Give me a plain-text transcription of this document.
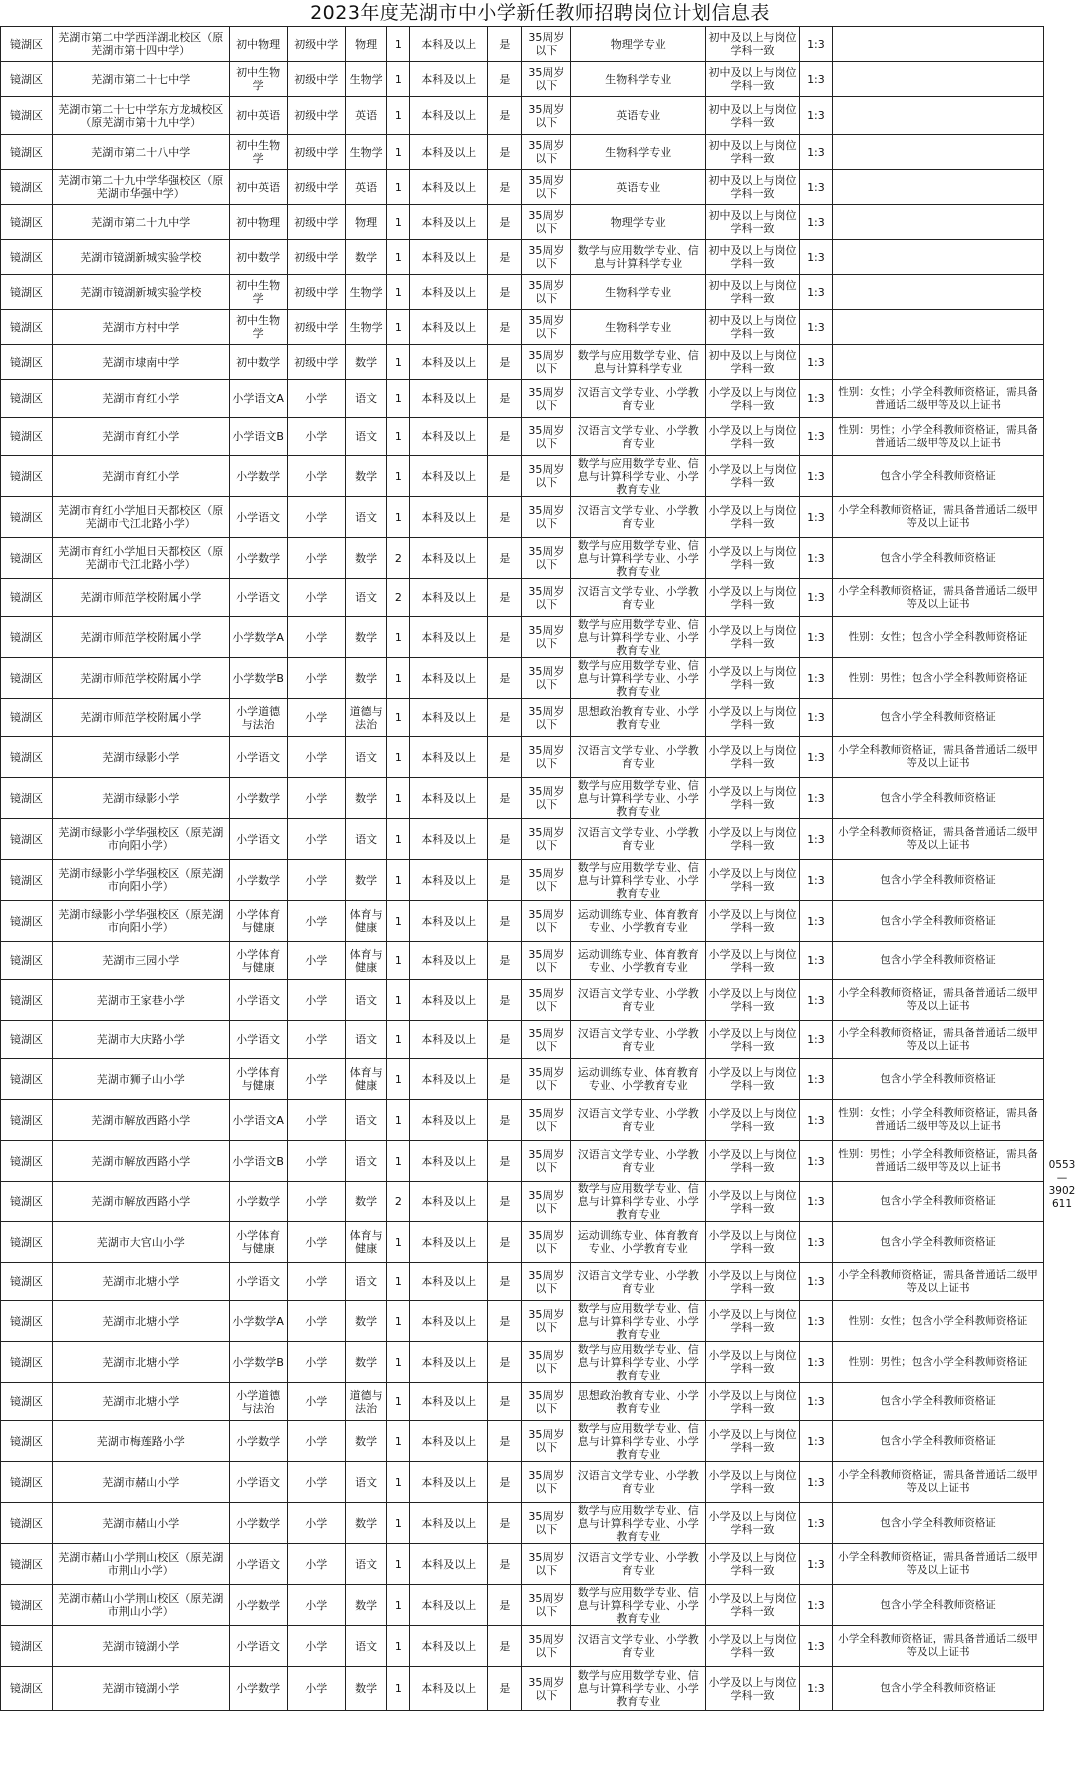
2023年度芜湖市中小学新任教师招聘岗位计划信息表
镜湖区	芜湖市第二中学西洋湖北校区（原芜湖市第十四中学）	初中物理	初级中学	物理	1	本科及以上	是	35周岁以下	物理学专业	初中及以上与岗位学科一致	1:3	
镜湖区	芜湖市第二十七中学	初中生物学	初级中学	生物学	1	本科及以上	是	35周岁以下	生物科学专业	初中及以上与岗位学科一致	1:3	
镜湖区	芜湖市第二十七中学东方龙城校区（原芜湖市第十九中学）	初中英语	初级中学	英语	1	本科及以上	是	35周岁以下	英语专业	初中及以上与岗位学科一致	1:3	
镜湖区	芜湖市第二十八中学	初中生物学	初级中学	生物学	1	本科及以上	是	35周岁以下	生物科学专业	初中及以上与岗位学科一致	1:3	
镜湖区	芜湖市第二十九中学华强校区（原芜湖市华强中学）	初中英语	初级中学	英语	1	本科及以上	是	35周岁以下	英语专业	初中及以上与岗位学科一致	1:3	
镜湖区	芜湖市第二十九中学	初中物理	初级中学	物理	1	本科及以上	是	35周岁以下	物理学专业	初中及以上与岗位学科一致	1:3	
镜湖区	芜湖市镜湖新城实验学校	初中数学	初级中学	数学	1	本科及以上	是	35周岁以下	数学与应用数学专业、信息与计算科学专业	初中及以上与岗位学科一致	1:3	
镜湖区	芜湖市镜湖新城实验学校	初中生物学	初级中学	生物学	1	本科及以上	是	35周岁以下	生物科学专业	初中及以上与岗位学科一致	1:3	
镜湖区	芜湖市方村中学	初中生物学	初级中学	生物学	1	本科及以上	是	35周岁以下	生物科学专业	初中及以上与岗位学科一致	1:3	
镜湖区	芜湖市埭南中学	初中数学	初级中学	数学	1	本科及以上	是	35周岁以下	数学与应用数学专业、信息与计算科学专业	初中及以上与岗位学科一致	1:3	
镜湖区	芜湖市育红小学	小学语文A	小学	语文	1	本科及以上	是	35周岁以下	汉语言文学专业、小学教育专业	小学及以上与岗位学科一致	1:3	性别：女性；小学全科教师资格证，需具备普通话二级甲等及以上证书
镜湖区	芜湖市育红小学	小学语文B	小学	语文	1	本科及以上	是	35周岁以下	汉语言文学专业、小学教育专业	小学及以上与岗位学科一致	1:3	性别：男性；小学全科教师资格证，需具备普通话二级甲等及以上证书
镜湖区	芜湖市育红小学	小学数学	小学	数学	1	本科及以上	是	35周岁以下	数学与应用数学专业、信息与计算科学专业、小学教育专业	小学及以上与岗位学科一致	1:3	包含小学全科教师资格证
镜湖区	芜湖市育红小学旭日天都校区（原芜湖市弋江北路小学）	小学语文	小学	语文	1	本科及以上	是	35周岁以下	汉语言文学专业、小学教育专业	小学及以上与岗位学科一致	1:3	小学全科教师资格证，需具备普通话二级甲等及以上证书
镜湖区	芜湖市育红小学旭日天都校区（原芜湖市弋江北路小学）	小学数学	小学	数学	2	本科及以上	是	35周岁以下	数学与应用数学专业、信息与计算科学专业、小学教育专业	小学及以上与岗位学科一致	1:3	包含小学全科教师资格证
镜湖区	芜湖市师范学校附属小学	小学语文	小学	语文	2	本科及以上	是	35周岁以下	汉语言文学专业、小学教育专业	小学及以上与岗位学科一致	1:3	小学全科教师资格证，需具备普通话二级甲等及以上证书
镜湖区	芜湖市师范学校附属小学	小学数学A	小学	数学	1	本科及以上	是	35周岁以下	数学与应用数学专业、信息与计算科学专业、小学教育专业	小学及以上与岗位学科一致	1:3	性别：女性；包含小学全科教师资格证
镜湖区	芜湖市师范学校附属小学	小学数学B	小学	数学	1	本科及以上	是	35周岁以下	数学与应用数学专业、信息与计算科学专业、小学教育专业	小学及以上与岗位学科一致	1:3	性别：男性；包含小学全科教师资格证
镜湖区	芜湖市师范学校附属小学	小学道德与法治	小学	道德与法治	1	本科及以上	是	35周岁以下	思想政治教育专业、小学教育专业	小学及以上与岗位学科一致	1:3	包含小学全科教师资格证
镜湖区	芜湖市绿影小学	小学语文	小学	语文	1	本科及以上	是	35周岁以下	汉语言文学专业、小学教育专业	小学及以上与岗位学科一致	1:3	小学全科教师资格证，需具备普通话二级甲等及以上证书
镜湖区	芜湖市绿影小学	小学数学	小学	数学	1	本科及以上	是	35周岁以下	数学与应用数学专业、信息与计算科学专业、小学教育专业	小学及以上与岗位学科一致	1:3	包含小学全科教师资格证
镜湖区	芜湖市绿影小学华强校区（原芜湖市向阳小学）	小学语文	小学	语文	1	本科及以上	是	35周岁以下	汉语言文学专业、小学教育专业	小学及以上与岗位学科一致	1:3	小学全科教师资格证，需具备普通话二级甲等及以上证书
镜湖区	芜湖市绿影小学华强校区（原芜湖市向阳小学）	小学数学	小学	数学	1	本科及以上	是	35周岁以下	数学与应用数学专业、信息与计算科学专业、小学教育专业	小学及以上与岗位学科一致	1:3	包含小学全科教师资格证
镜湖区	芜湖市绿影小学华强校区（原芜湖市向阳小学）	小学体育与健康	小学	体育与健康	1	本科及以上	是	35周岁以下	运动训练专业、体育教育专业、小学教育专业	小学及以上与岗位学科一致	1:3	包含小学全科教师资格证
镜湖区	芜湖市三园小学	小学体育与健康	小学	体育与健康	1	本科及以上	是	35周岁以下	运动训练专业、体育教育专业、小学教育专业	小学及以上与岗位学科一致	1:3	包含小学全科教师资格证
镜湖区	芜湖市王家巷小学	小学语文	小学	语文	1	本科及以上	是	35周岁以下	汉语言文学专业、小学教育专业	小学及以上与岗位学科一致	1:3	小学全科教师资格证，需具备普通话二级甲等及以上证书
镜湖区	芜湖市大庆路小学	小学语文	小学	语文	1	本科及以上	是	35周岁以下	汉语言文学专业、小学教育专业	小学及以上与岗位学科一致	1:3	小学全科教师资格证，需具备普通话二级甲等及以上证书
镜湖区	芜湖市狮子山小学	小学体育与健康	小学	体育与健康	1	本科及以上	是	35周岁以下	运动训练专业、体育教育专业、小学教育专业	小学及以上与岗位学科一致	1:3	包含小学全科教师资格证
镜湖区	芜湖市解放西路小学	小学语文A	小学	语文	1	本科及以上	是	35周岁以下	汉语言文学专业、小学教育专业	小学及以上与岗位学科一致	1:3	性别：女性；小学全科教师资格证，需具备普通话二级甲等及以上证书
镜湖区	芜湖市解放西路小学	小学语文B	小学	语文	1	本科及以上	是	35周岁以下	汉语言文学专业、小学教育专业	小学及以上与岗位学科一致	1:3	性别：男性；小学全科教师资格证，需具备普通话二级甲等及以上证书
镜湖区	芜湖市解放西路小学	小学数学	小学	数学	2	本科及以上	是	35周岁以下	数学与应用数学专业、信息与计算科学专业、小学教育专业	小学及以上与岗位学科一致	1:3	包含小学全科教师资格证
镜湖区	芜湖市大官山小学	小学体育与健康	小学	体育与健康	1	本科及以上	是	35周岁以下	运动训练专业、体育教育专业、小学教育专业	小学及以上与岗位学科一致	1:3	包含小学全科教师资格证
镜湖区	芜湖市北塘小学	小学语文	小学	语文	1	本科及以上	是	35周岁以下	汉语言文学专业、小学教育专业	小学及以上与岗位学科一致	1:3	小学全科教师资格证，需具备普通话二级甲等及以上证书
镜湖区	芜湖市北塘小学	小学数学A	小学	数学	1	本科及以上	是	35周岁以下	数学与应用数学专业、信息与计算科学专业、小学教育专业	小学及以上与岗位学科一致	1:3	性别：女性；包含小学全科教师资格证
镜湖区	芜湖市北塘小学	小学数学B	小学	数学	1	本科及以上	是	35周岁以下	数学与应用数学专业、信息与计算科学专业、小学教育专业	小学及以上与岗位学科一致	1:3	性别：男性；包含小学全科教师资格证
镜湖区	芜湖市北塘小学	小学道德与法治	小学	道德与法治	1	本科及以上	是	35周岁以下	思想政治教育专业、小学教育专业	小学及以上与岗位学科一致	1:3	包含小学全科教师资格证
镜湖区	芜湖市梅莲路小学	小学数学	小学	数学	1	本科及以上	是	35周岁以下	数学与应用数学专业、信息与计算科学专业、小学教育专业	小学及以上与岗位学科一致	1:3	包含小学全科教师资格证
镜湖区	芜湖市赭山小学	小学语文	小学	语文	1	本科及以上	是	35周岁以下	汉语言文学专业、小学教育专业	小学及以上与岗位学科一致	1:3	小学全科教师资格证，需具备普通话二级甲等及以上证书
镜湖区	芜湖市赭山小学	小学数学	小学	数学	1	本科及以上	是	35周岁以下	数学与应用数学专业、信息与计算科学专业、小学教育专业	小学及以上与岗位学科一致	1:3	包含小学全科教师资格证
镜湖区	芜湖市赭山小学荆山校区（原芜湖市荆山小学）	小学语文	小学	语文	1	本科及以上	是	35周岁以下	汉语言文学专业、小学教育专业	小学及以上与岗位学科一致	1:3	小学全科教师资格证，需具备普通话二级甲等及以上证书
镜湖区	芜湖市赭山小学荆山校区（原芜湖市荆山小学）	小学数学	小学	数学	1	本科及以上	是	35周岁以下	数学与应用数学专业、信息与计算科学专业、小学教育专业	小学及以上与岗位学科一致	1:3	包含小学全科教师资格证
镜湖区	芜湖市镜湖小学	小学语文	小学	语文	1	本科及以上	是	35周岁以下	汉语言文学专业、小学教育专业	小学及以上与岗位学科一致	1:3	小学全科教师资格证，需具备普通话二级甲等及以上证书
镜湖区	芜湖市镜湖小学	小学数学	小学	数学	1	本科及以上	是	35周岁以下	数学与应用数学专业、信息与计算科学专业、小学教育专业	小学及以上与岗位学科一致	1:3	包含小学全科教师资格证
0553
—
3902
611
